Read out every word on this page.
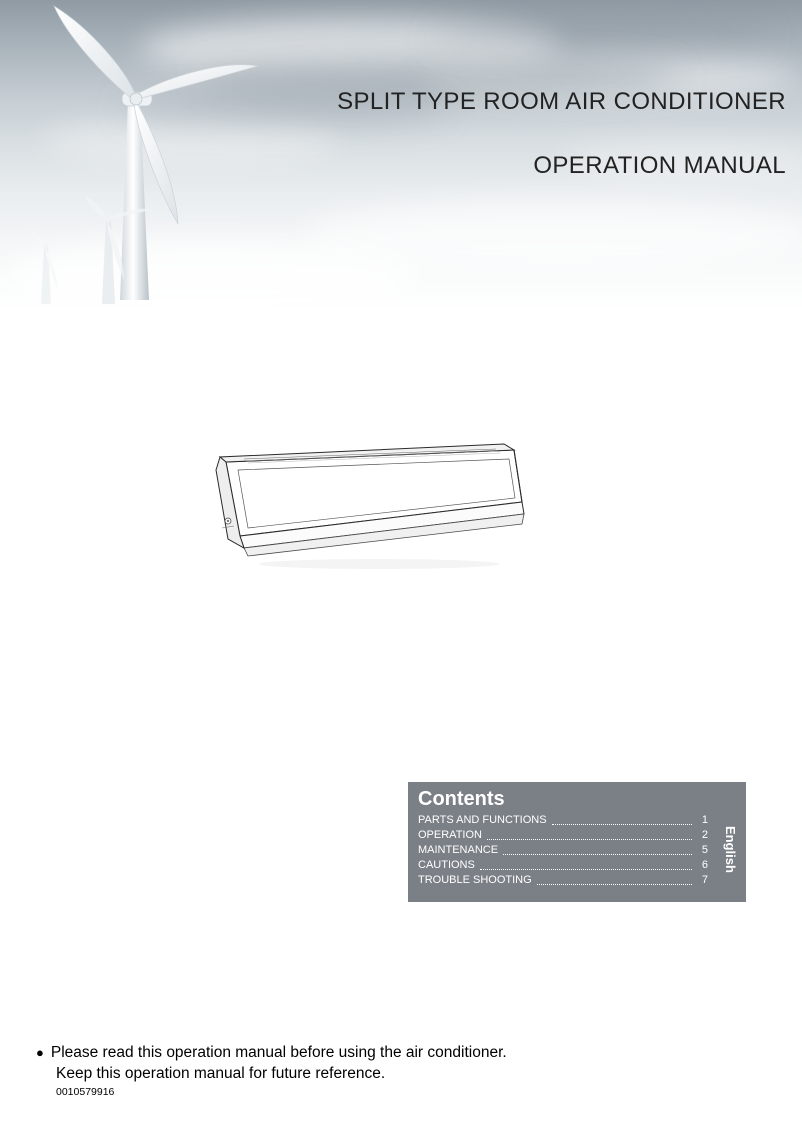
SPLIT TYPE ROOM AIR CONDITIONER
OPERATION MANUAL
Contents
PARTS AND FUNCTIONS	1
OPERATION	2
MAINTENANCE	5
CAUTIONS	6
TROUBLE SHOOTING	7
English
● Please read this operation manual before using the air conditioner.
Keep this operation manual for future reference.
0010579916
